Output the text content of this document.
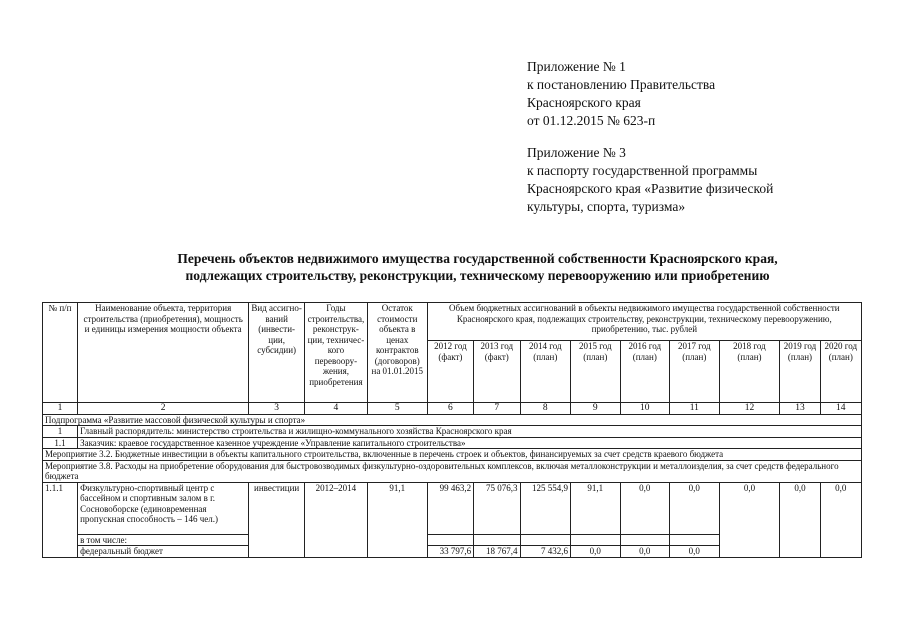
Приложение № 1
к постановлению Правительства
Красноярского края
от 01.12.2015 № 623-п
Приложение № 3
к паспорту государственной программы
Красноярского края «Развитие физической
культуры, спорта, туризма»
Перечень объектов недвижимого имущества государственной собственности Красноярского края,
подлежащих строительству, реконструкции, техническому перевооружению или приобретению
№ п/п	Наименование объекта, территория строительства (приобретения), мощность и единицы измерения мощности объекта	Вид ассигно-ваний (инвести-ции, субсидии)	Годы строительства, реконструк-ции, техничес-кого перевоору-жения, приобретения	Остаток стоимости объекта в ценах контрактов (договоров) на 01.01.2015	Объем бюджетных ассигнований в объекты недвижимого имущества государственной собственности Красноярского края, подлежащих строительству, реконструкции, техническому перевооружению, приобретению, тыс. рублей								
					2012 год (факт)	2013 год (факт)	2014 год (план)	2015 год (план)	2016 год (план)	2017 год (план)	2018 год (план)	2019 год (план)	2020 год (план)
1	2	3	4	5	6	7	8	9	10	11	12	13	14
Подпрограмма «Развитие массовой физической культуры и спорта»													
1	Главный распорядитель: министерство строительства и жилищно-коммунального хозяйства Красноярского края												
1.1	Заказчик: краевое государственное казенное учреждение «Управление капитального строительства»												
Мероприятие 3.2. Бюджетные инвестиции в объекты капитального строительства, включенные в перечень строек и объектов, финансируемых за счет средств краевого бюджета													
Мероприятие 3.8. Расходы на приобретение оборудования для быстровозводимых физкультурно-оздоровительных комплексов, включая металлоконструкции и металлоизделия, за счет средств федерального бюджета													
1.1.1	Физкультурно-спортивный центр с бассейном и спортивным залом в г. Сосновоборске (единовременная пропускная способность – 146 чел.)	инвестиции	2012–2014	91,1	99 463,2	75 076,3	125 554,9	91,1	0,0	0,0	0,0	0,0	0,0
	в том числе:												
	федеральный бюджет				33 797,6	18 767,4	7 432,6	0,0	0,0	0,0			
